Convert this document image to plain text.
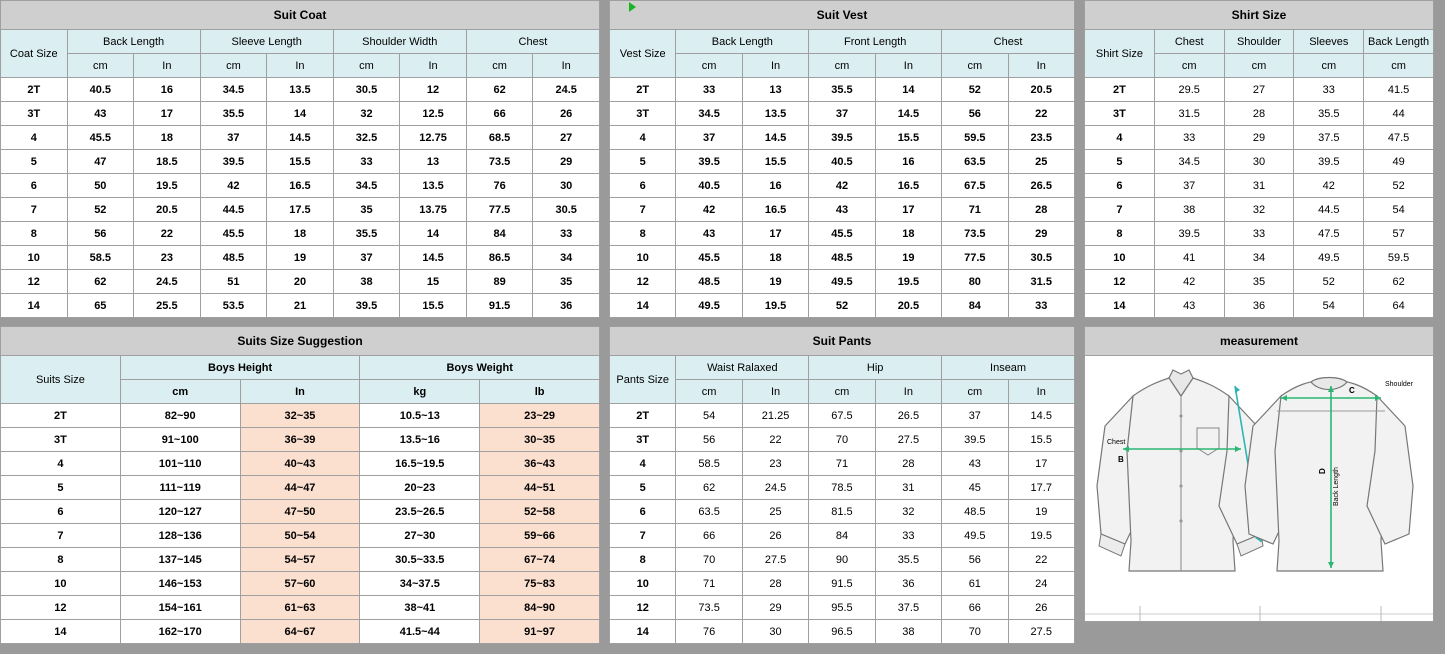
Suit Coat								
Coat Size	Back Length		Sleeve Length		Shoulder Width		Chest	
	cm	In	cm	In	cm	In	cm	In
2T	40.5	16	34.5	13.5	30.5	12	62	24.5
3T	43	17	35.5	14	32	12.5	66	26
4	45.5	18	37	14.5	32.5	12.75	68.5	27
5	47	18.5	39.5	15.5	33	13	73.5	29
6	50	19.5	42	16.5	34.5	13.5	76	30
7	52	20.5	44.5	17.5	35	13.75	77.5	30.5
8	56	22	45.5	18	35.5	14	84	33
10	58.5	23	48.5	19	37	14.5	86.5	34
12	62	24.5	51	20	38	15	89	35
14	65	25.5	53.5	21	39.5	15.5	91.5	36
Suits Size Suggestion				
Suits Size	Boys Height		Boys Weight	
	cm	In	kg	lb
2T	82~90	32~35	10.5~13	23~29
3T	91~100	36~39	13.5~16	30~35
4	101~110	40~43	16.5~19.5	36~43
5	111~119	44~47	20~23	44~51
6	120~127	47~50	23.5~26.5	52~58
7	128~136	50~54	27~30	59~66
8	137~145	54~57	30.5~33.5	67~74
10	146~153	57~60	34~37.5	75~83
12	154~161	61~63	38~41	84~90
14	162~170	64~67	41.5~44	91~97
Suit Vest						
Vest Size	Back Length		Front Length		Chest	
	cm	In	cm	In	cm	In
2T	33	13	35.5	14	52	20.5
3T	34.5	13.5	37	14.5	56	22
4	37	14.5	39.5	15.5	59.5	23.5
5	39.5	15.5	40.5	16	63.5	25
6	40.5	16	42	16.5	67.5	26.5
7	42	16.5	43	17	71	28
8	43	17	45.5	18	73.5	29
10	45.5	18	48.5	19	77.5	30.5
12	48.5	19	49.5	19.5	80	31.5
14	49.5	19.5	52	20.5	84	33
Suit Pants						
Pants Size	Waist Ralaxed		Hip		Inseam	
	cm	In	cm	In	cm	In
2T	54	21.25	67.5	26.5	37	14.5
3T	56	22	70	27.5	39.5	15.5
4	58.5	23	71	28	43	17
5	62	24.5	78.5	31	45	17.7
6	63.5	25	81.5	32	48.5	19
7	66	26	84	33	49.5	19.5
8	70	27.5	90	35.5	56	22
10	71	28	91.5	36	61	24
12	73.5	29	95.5	37.5	66	26
14	76	30	96.5	38	70	27.5
Shirt Size				
Shirt Size	Chest	Shoulder	Sleeves	Back Length
	cm	cm	cm	cm
2T	29.5	27	33	41.5
3T	31.5	28	35.5	44
4	33	29	37.5	47.5
5	34.5	30	39.5	49
6	37	31	42	52
7	38	32	44.5	54
8	39.5	33	47.5	57
10	41	34	49.5	59.5
12	42	35	52	62
14	43	36	54	64
measurement
Chest
B
Shoulder
C
Back Length
D
